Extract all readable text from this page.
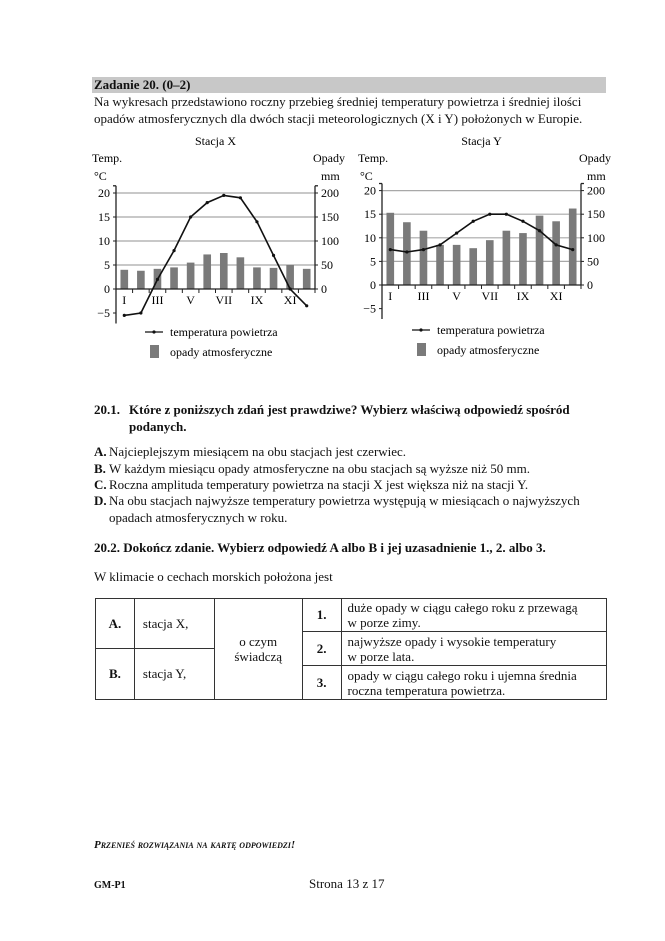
Zadanie 20. (0–2)
Na wykresach przedstawiono roczny przebieg średniej temperatury powietrza i średniej ilości opadów atmosferycznych dla dwóch stacji meteorologicznych (X i Y) położonych w Europie.
Stacja X
Temp.
°C
Opady
mm
−5
0
5
10
15
20
0
50
100
150
200
I III V VII IX XI
temperatura powietrza
opady atmosferyczne
Stacja Y
Temp.
°C
Opady
mm
−5
0
5
10
15
20
0
50
100
150
200
I III V VII IX XI
temperatura powietrza
opady atmosferyczne
20.1. Które z poniższych zdań jest prawdziwe? Wybierz właściwą odpowiedź spośród
podanych.
A. Najcieplejszym miesiącem na obu stacjach jest czerwiec.
B. W każdym miesiącu opady atmosferyczne na obu stacjach są wyższe niż 50 mm.
C. Roczna amplituda temperatury powietrza na stacji X jest większa niż na stacji Y.
D. Na obu stacjach najwyższe temperatury powietrza występują w miesiącach o najwyższych
opadach atmosferycznych w roku.
20.2. Dokończ zdanie. Wybierz odpowiedź A albo B i jej uzasadnienie 1., 2. albo 3.
W klimacie o cechach morskich położona jest
A.	stacja X,	o czym
świadczą	1.	duże opady w ciągu całego roku z przewagą
w porze zimy.

			2.	najwyższe opady i wysokie temperatury
w porze lata.
B.	stacja Y,			
			3.	opady w ciągu całego roku i ujemna średnia
roczna temperatura powietrza.

Przenieś rozwiązania na kartę odpowiedzi!
GM-P1	Strona 13 z 17
